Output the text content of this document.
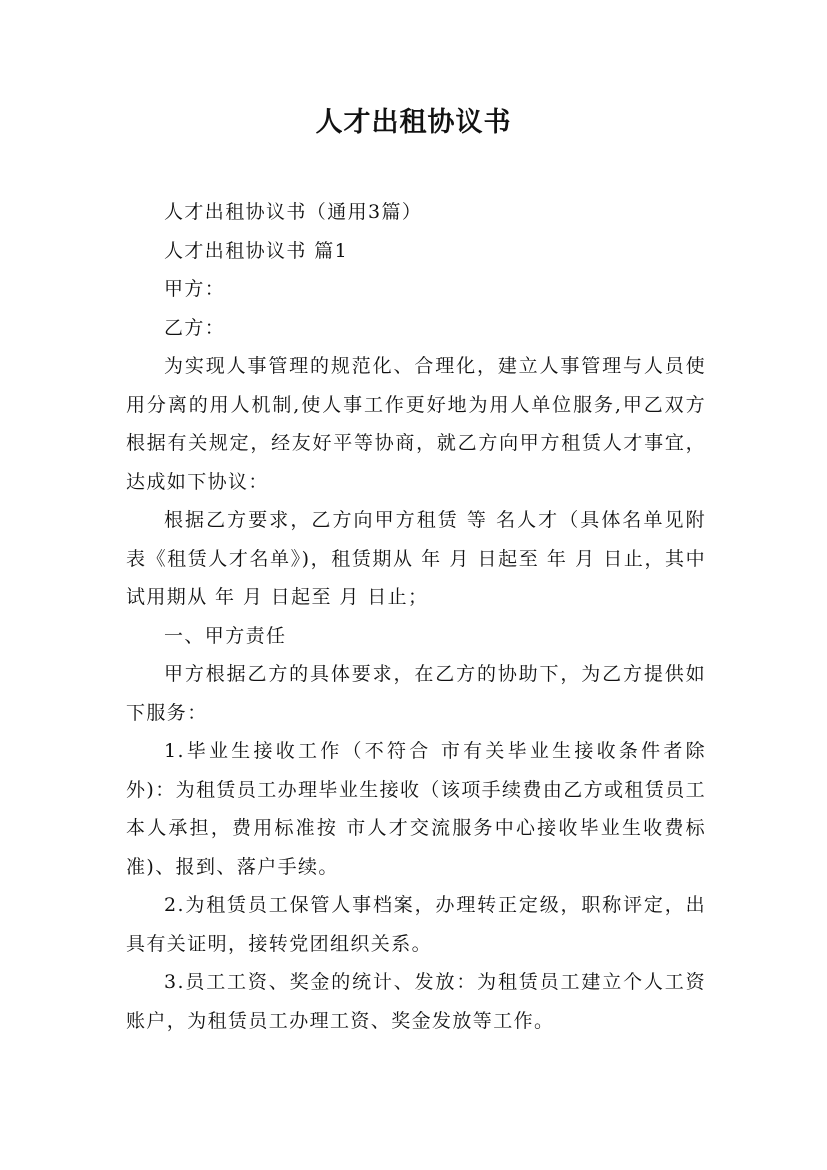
人才出租协议书

人才出租协议书（通用3篇）

人才出租协议书 篇1

甲方：

乙方：

为实现人事管理的规范化、合理化，建立人事管理与人员使用分离的用人机制,使人事工作更好地为用人单位服务,甲乙双方根据有关规定，经友好平等协商，就乙方向甲方租赁人才事宜，达成如下协议：

根据乙方要求，乙方向甲方租赁 等 名人才（具体名单见附表《租赁人才名单》)，租赁期从 年 月 日起至 年 月 日止，其中试用期从 年 月 日起至 月 日止；

一、甲方责任

甲方根据乙方的具体要求，在乙方的协助下，为乙方提供如下服务：

1.毕业生接收工作（不符合 市有关毕业生接收条件者除外)：为租赁员工办理毕业生接收（该项手续费由乙方或租赁员工本人承担，费用标准按 市人才交流服务中心接收毕业生收费标准)、报到、落户手续。

2.为租赁员工保管人事档案，办理转正定级，职称评定，出具有关证明，接转党团组织关系。

3.员工工资、奖金的统计、发放：为租赁员工建立个人工资账户，为租赁员工办理工资、奖金发放等工作。
